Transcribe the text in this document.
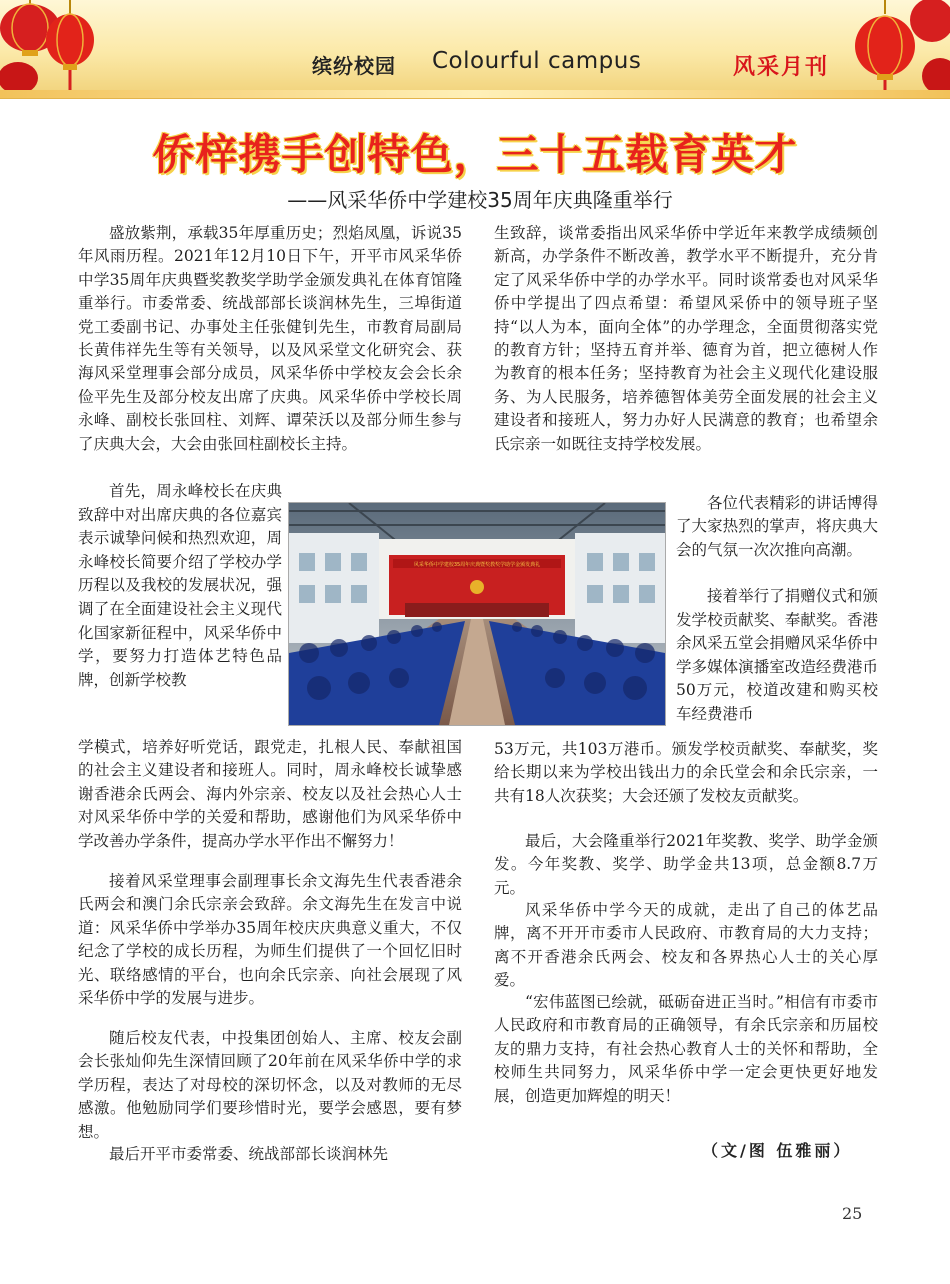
缤纷校园 Colourful campus	风采月刊
侨梓携手创特色，三十五载育英才
——风采华侨中学建校35周年庆典隆重举行

盛放紫荆，承载35年厚重历史；烈焰凤凰，诉说35年风雨历程。2021年12月10日下午，开平市风采华侨中学35周年庆典暨奖教奖学助学金颁发典礼在体育馆隆重举行。市委常委、统战部部长谈润林先生，三埠街道党工委副书记、办事处主任张健钊先生，市教育局副局长黄伟祥先生等有关领导，以及风采堂文化研究会、获海风采堂理事会部分成员，风采华侨中学校友会会长余俭平先生及部分校友出席了庆典。风采华侨中学校长周永峰、副校长张回柱、刘辉、谭荣沃以及部分师生参与了庆典大会，大会由张回柱副校长主持。

首先，周永峰校长在庆典致辞中对出席庆典的各位嘉宾表示诚挚问候和热烈欢迎，周永峰校长简要介绍了学校办学历程以及我校的发展状况，强调了在全面建设社会主义现代化国家新征程中，风采华侨中学，要努力打造体艺特色品牌，创新学校教

学模式，培养好听党话，跟党走，扎根人民、奉献祖国的社会主义建设者和接班人。同时，周永峰校长诚挚感谢香港余氏两会、海内外宗亲、校友以及社会热心人士对风采华侨中学的关爱和帮助，感谢他们为风采华侨中学改善办学条件，提高办学水平作出不懈努力！

接着风采堂理事会副理事长余文海先生代表香港余氏两会和澳门余氏宗亲会致辞。余文海先生在发言中说道：风采华侨中学举办35周年校庆庆典意义重大，不仅纪念了学校的成长历程，为师生们提供了一个回忆旧时光、联络感情的平台，也向余氏宗亲、向社会展现了风采华侨中学的发展与进步。

随后校友代表，中投集团创始人、主席、校友会副会长张灿仰先生深情回顾了20年前在风采华侨中学的求学历程，表达了对母校的深切怀念，以及对教师的无尽感激。他勉励同学们要珍惜时光，要学会感恩，要有梦想。

最后开平市委常委、统战部部长谈润林先

风采华侨中学建校35周年庆典暨奖教奖学助学金颁发典礼

生致辞，谈常委指出风采华侨中学近年来教学成绩频创新高，办学条件不断改善，教学水平不断提升，充分肯定了风采华侨中学的办学水平。同时谈常委也对风采华侨中学提出了四点希望：希望风采侨中的领导班子坚持“以人为本，面向全体”的办学理念，全面贯彻落实党的教育方针；坚持五育并举、德育为首，把立德树人作为教育的根本任务；坚持教育为社会主义现代化建设服务、为人民服务，培养德智体美劳全面发展的社会主义建设者和接班人，努力办好人民满意的教育；也希望余氏宗亲一如既往支持学校发展。

各位代表精彩的讲话博得了大家热烈的掌声，将庆典大会的气氛一次次推向高潮。

接着举行了捐赠仪式和颁发学校贡献奖、奉献奖。香港余风采五堂会捐赠风采华侨中学多媒体演播室改造经费港币50万元，校道改建和购买校车经费港币

53万元，共103万港币。颁发学校贡献奖、奉献奖，奖给长期以来为学校出钱出力的余氏堂会和余氏宗亲，一共有18人次获奖；大会还颁了发校友贡献奖。

最后，大会隆重举行2021年奖教、奖学、助学金颁发。今年奖教、奖学、助学金共13项，总金额8.7万元。

风采华侨中学今天的成就，走出了自己的体艺品牌，离不开开市委市人民政府、市教育局的大力支持；离不开香港余氏两会、校友和各界热心人士的关心厚爱。

“宏伟蓝图已绘就，砥砺奋进正当时。”相信有市委市人民政府和市教育局的正确领导，有余氏宗亲和历届校友的鼎力支持，有社会热心教育人士的关怀和帮助，全校师生共同努力，风采华侨中学一定会更快更好地发展，创造更加辉煌的明天！

（文/图 伍雅丽）
25
